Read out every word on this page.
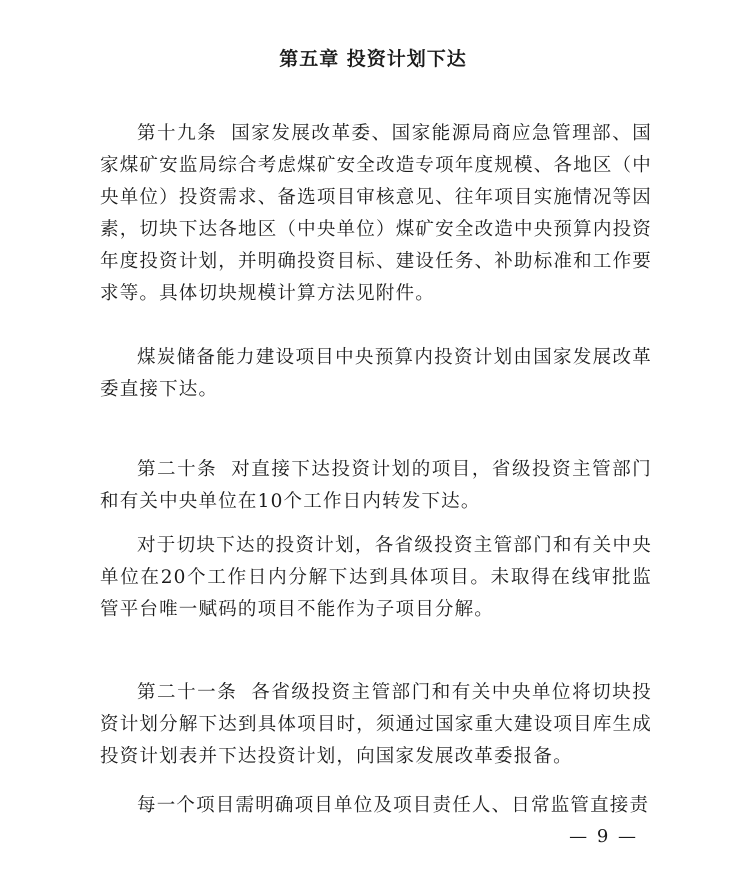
第五章 投资计划下达

第十九条 国家发展改革委、国家能源局商应急管理部、国家煤矿安监局综合考虑煤矿安全改造专项年度规模、各地区（中央单位）投资需求、备选项目审核意见、往年项目实施情况等因素，切块下达各地区（中央单位）煤矿安全改造中央预算内投资年度投资计划，并明确投资目标、建设任务、补助标准和工作要求等。具体切块规模计算方法见附件。

煤炭储备能力建设项目中央预算内投资计划由国家发展改革委直接下达。

第二十条 对直接下达投资计划的项目，省级投资主管部门和有关中央单位在10个工作日内转发下达。

对于切块下达的投资计划，各省级投资主管部门和有关中央单位在20个工作日内分解下达到具体项目。未取得在线审批监管平台唯一赋码的项目不能作为子项目分解。

第二十一条 各省级投资主管部门和有关中央单位将切块投资计划分解下达到具体项目时，须通过国家重大建设项目库生成投资计划表并下达投资计划，向国家发展改革委报备。

每一个项目需明确项目单位及项目责任人、日常监管直接责

— 9 —
